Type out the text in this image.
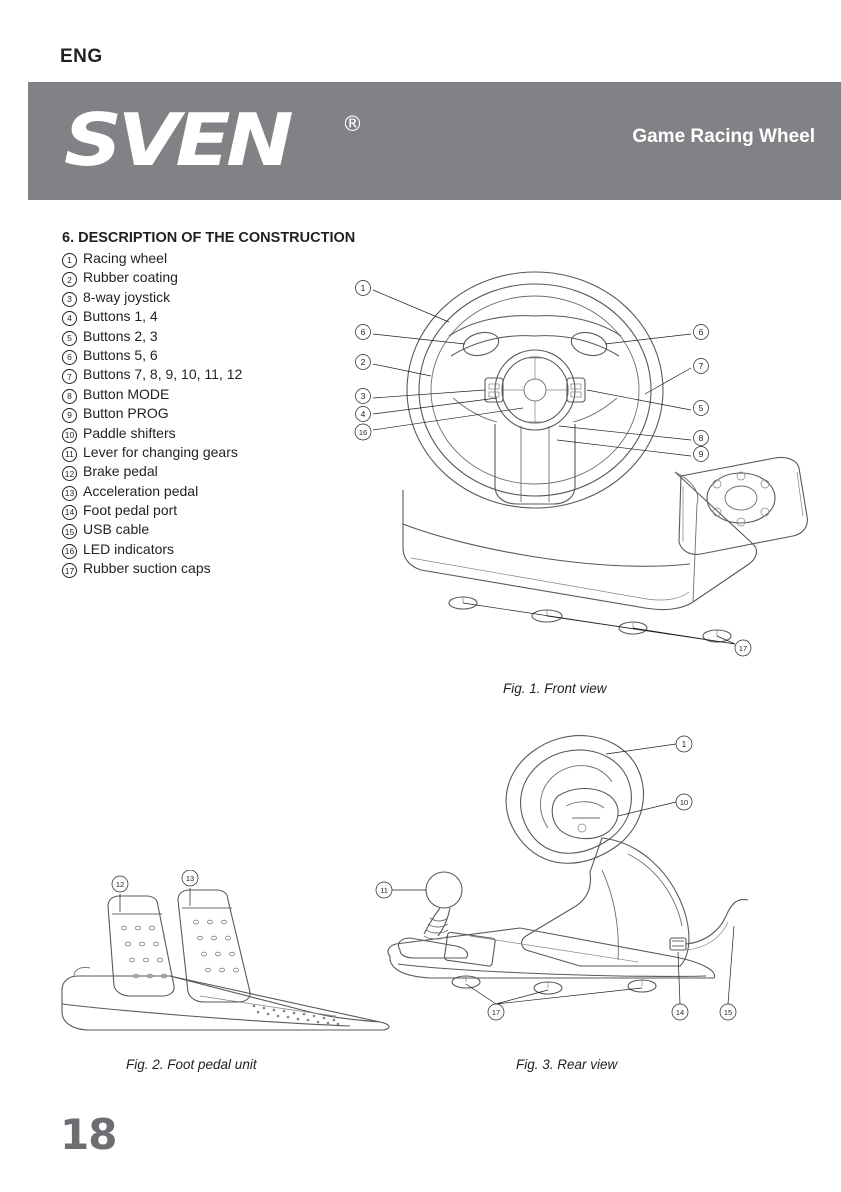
ENG
SVEN	®
Game Racing Wheel
6. DESCRIPTION OF THE CONSTRUCTION
1 Racing wheel
2 Rubber coating
3 8-way joystick
4 Buttons 1, 4
5 Buttons 2, 3
6 Buttons 5, 6
7 Buttons 7, 8, 9, 10, 11, 12
8 Button MODE
9 Button PROG
10 Paddle shifters
11 Lever for changing gears
12 Brake pedal
13 Acceleration pedal
14 Foot pedal port
15 USB cable
16 LED indicators
17 Rubber suction caps
1
6	6
2	7
3
5
4
16
8
9
17
Fig. 1. Front view
12
13
Fig. 2. Foot pedal unit
1
10
11
17	14	15
Fig. 3. Rear view
18
